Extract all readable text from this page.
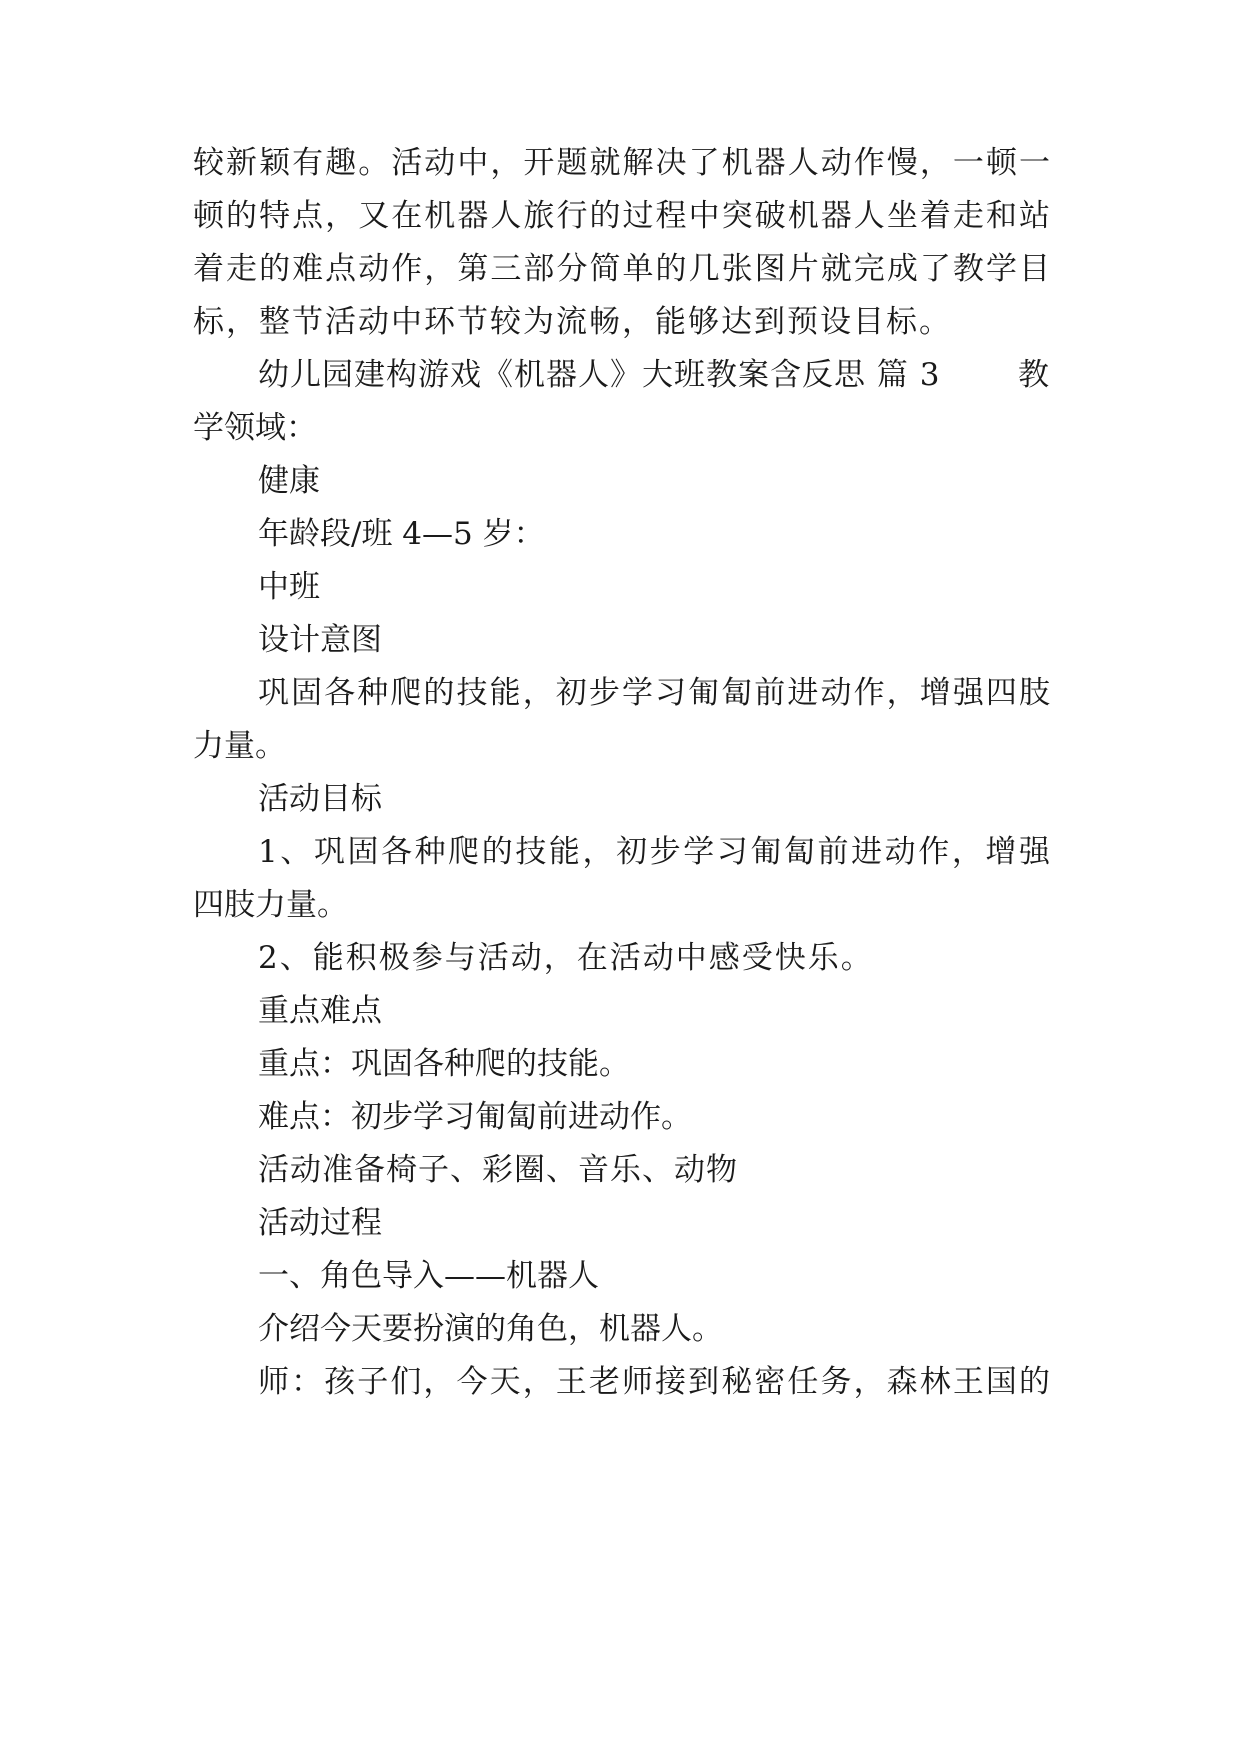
较新颖有趣。活动中，开题就解决了机器人动作慢，一顿一
顿的特点，又在机器人旅行的过程中突破机器人坐着走和站
着走的难点动作，第三部分简单的几张图片就完成了教学目
标，整节活动中环节较为流畅，能够达到预设目标。
幼儿园建构游戏《机器人》大班教案含反思 篇 3	教
学领域：
健康
年龄段/班 4—5 岁：
中班
设计意图
巩固各种爬的技能，初步学习匍匐前进动作，增强四肢
力量。
活动目标
1、巩固各种爬的技能，初步学习匍匐前进动作，增强
四肢力量。
2、能积极参与活动，在活动中感受快乐。
重点难点
重点：巩固各种爬的技能。
难点：初步学习匍匐前进动作。
活动准备椅子、彩圈、音乐、动物
活动过程
一、角色导入——机器人
介绍今天要扮演的角色，机器人。
师：孩子们，今天，王老师接到秘密任务，森林王国的
